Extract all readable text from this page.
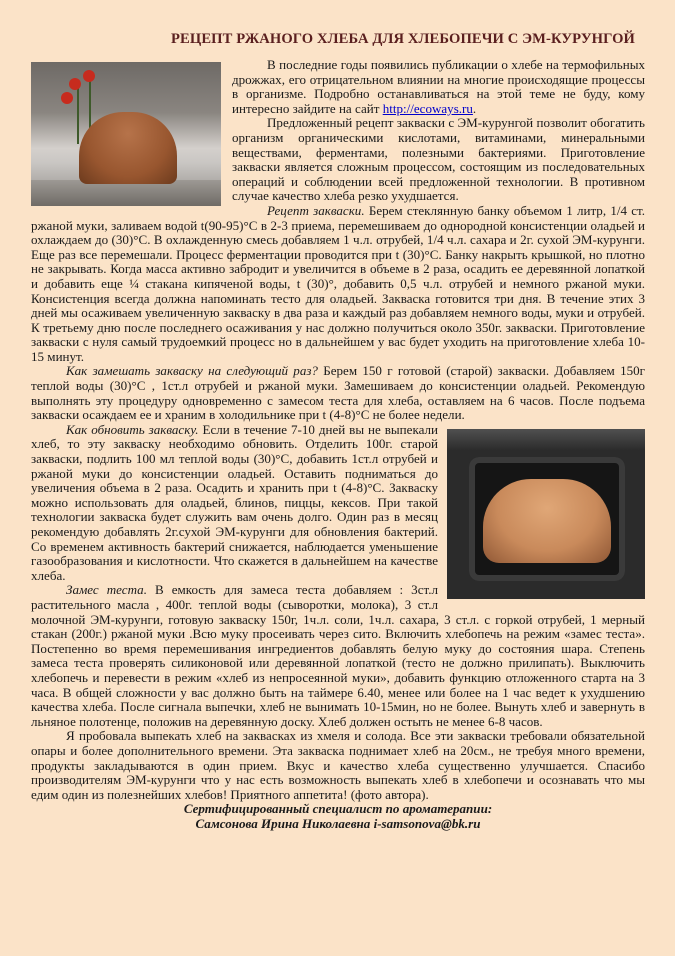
РЕЦЕПТ РЖАНОГО ХЛЕБА ДЛЯ ХЛЕБОПЕЧИ С ЭМ-КУРУНГОЙ

В последние годы появились публикации о хлебе на термофильных дрожжах, его отрицательном влиянии на многие происходящие процессы в организме. Подробно останавливаться на этой теме не буду, кому интересно зайдите на сайт http://ecoways.ru.

Предложенный рецепт закваски с ЭМ-курунгой позволит обогатить организм органическими кислотами, витаминами, минеральными веществами, ферментами, полезными бактериями. Приготовление закваски является сложным процессом, состоящим из последовательных операций и соблюдении всей предложенной технологии. В противном случае качество хлеба резко ухудшается.

Рецепт закваски. Берем стеклянную банку объемом 1 литр, 1/4 ст. ржаной муки, заливаем водой t(90-95)°С в 2-3 приема, перемешиваем до однородной консистенции оладьей и охлаждаем до (30)°С. В охлажденную смесь добавляем 1 ч.л. отрубей, 1/4 ч.л. сахара и 2г. сухой ЭМ-курунги. Еще раз все перемешали. Процесс ферментации проводится при t (30)°С. Банку накрыть крышкой, но плотно не закрывать. Когда масса активно забродит и увеличится в объеме в 2 раза, осадить ее деревянной лопаткой и добавить еще ¼ стакана кипяченой воды, t (30)°, добавить 0,5 ч.л. отрубей и немного ржаной муки. Консистенция всегда должна напоминать тесто для оладьей. Закваска готовится три дня. В течение этих 3 дней мы осаживаем увеличенную закваску в два раза и каждый раз добавляем немного воды, муки и отрубей. К третьему дню после последнего осаживания у нас должно получиться около 350г. закваски. Приготовление закваски с нуля самый трудоемкий процесс но в дальнейшем у вас будет уходить на приготовление хлеба 10-15 минут.

Как замешать закваску на следующий раз? Берем 150 г готовой (старой) закваски. Добавляем 150г теплой воды (30)°С , 1ст.л отрубей и ржаной муки. Замешиваем до консистенции оладьей. Рекомендую выполнять эту процедуру одновременно с замесом теста для хлеба, оставляем на 6 часов. После подъема закваски осаждаем ее и храним в холодильнике при t (4-8)°С не более недели.

Как обновить закваску. Если в течение 7-10 дней вы не выпекали хлеб, то эту закваску необходимо обновить. Отделить 100г. старой закваски, подлить 100 мл теплой воды (30)°С, добавить 1ст.л отрубей и ржаной муки до консистенции оладьей. Оставить подниматься до увеличения объема в 2 раза. Осадить и хранить при t (4-8)°С. Закваску можно использовать для оладьей, блинов, пиццы, кексов. При такой технологии закваска будет служить вам очень долго. Один раз в месяц рекомендую добавлять 2г.сухой ЭМ-курунги для обновления бактерий. Со временем активность бактерий снижается, наблюдается уменьшение газообразования и кислотности. Что скажется в дальнейшем на качестве хлеба.

Замес теста. В емкость для замеса теста добавляем : 3ст.л растительного масла , 400г. теплой воды (сыворотки, молока), 3 ст.л молочной ЭМ-курунги, готовую закваску 150г, 1ч.л. соли, 1ч.л. сахара, 3 ст.л. с горкой отрубей, 1 мерный стакан (200г.) ржаной муки .Всю муку просеивать через сито. Включить хлебопечь на режим «замес теста». Постепенно во время перемешивания ингредиентов добавлять белую муку до состояния шара. Степень замеса теста проверять силиконовой или деревянной лопаткой (тесто не должно прилипать). Выключить хлебопечь и перевести в режим «хлеб из непросеянной муки», добавить функцию отложенного старта на 3 часа. В общей сложности у вас должно быть на таймере 6.40, менее или более на 1 час ведет к ухудшению качества хлеба. После сигнала выпечки, хлеб не вынимать 10-15мин, но не более. Вынуть хлеб и завернуть в льняное полотенце, положив на деревянную доску. Хлеб должен остыть не менее 6-8 часов.

Я пробовала выпекать хлеб на заквасках из хмеля и солода. Все эти закваски требовали обязательной опары и более дополнительного времени. Эта закваска поднимает хлеб на 20см., не требуя много времени, продукты закладываются в один прием. Вкус и качество хлеба существенно улучшается. Спасибо производителям ЭМ-курунги что у нас есть возможность выпекать хлеб в хлебопечи и осознавать что мы едим один из полезнейших хлебов! Приятного аппетита! (фото автора).

Сертифицированный специалист по ароматерапии:
Самсонова Ирина Николаевна i-samsonova@bk.ru
